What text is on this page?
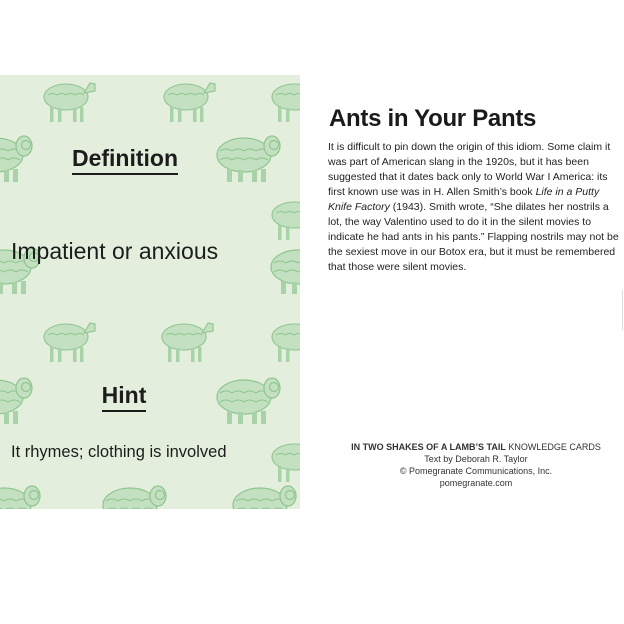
Definition
Impatient or anxious
Hint
It rhymes; clothing is involved
Ants in Your Pants

It is difficult to pin down the origin of this idiom. Some claim it was part of American slang in the 1920s, but it has been suggested that it dates back only to World War I America: its first known use was in H. Allen Smith’s book Life in a Putty Knife Factory (1943). Smith wrote, “She dilates her nostrils a lot, the way Valentino used to do it in the silent movies to indicate he had ants in his pants.” Flapping nostrils may not be the sexiest move in our Botox era, but it must be remembered that those were silent movies.

IN TWO SHAKES OF A LAMB’S TAIL KNOWLEDGE CARDS
Text by Deborah R. Taylor
© Pomegranate Communications, Inc.
pomegranate.com
